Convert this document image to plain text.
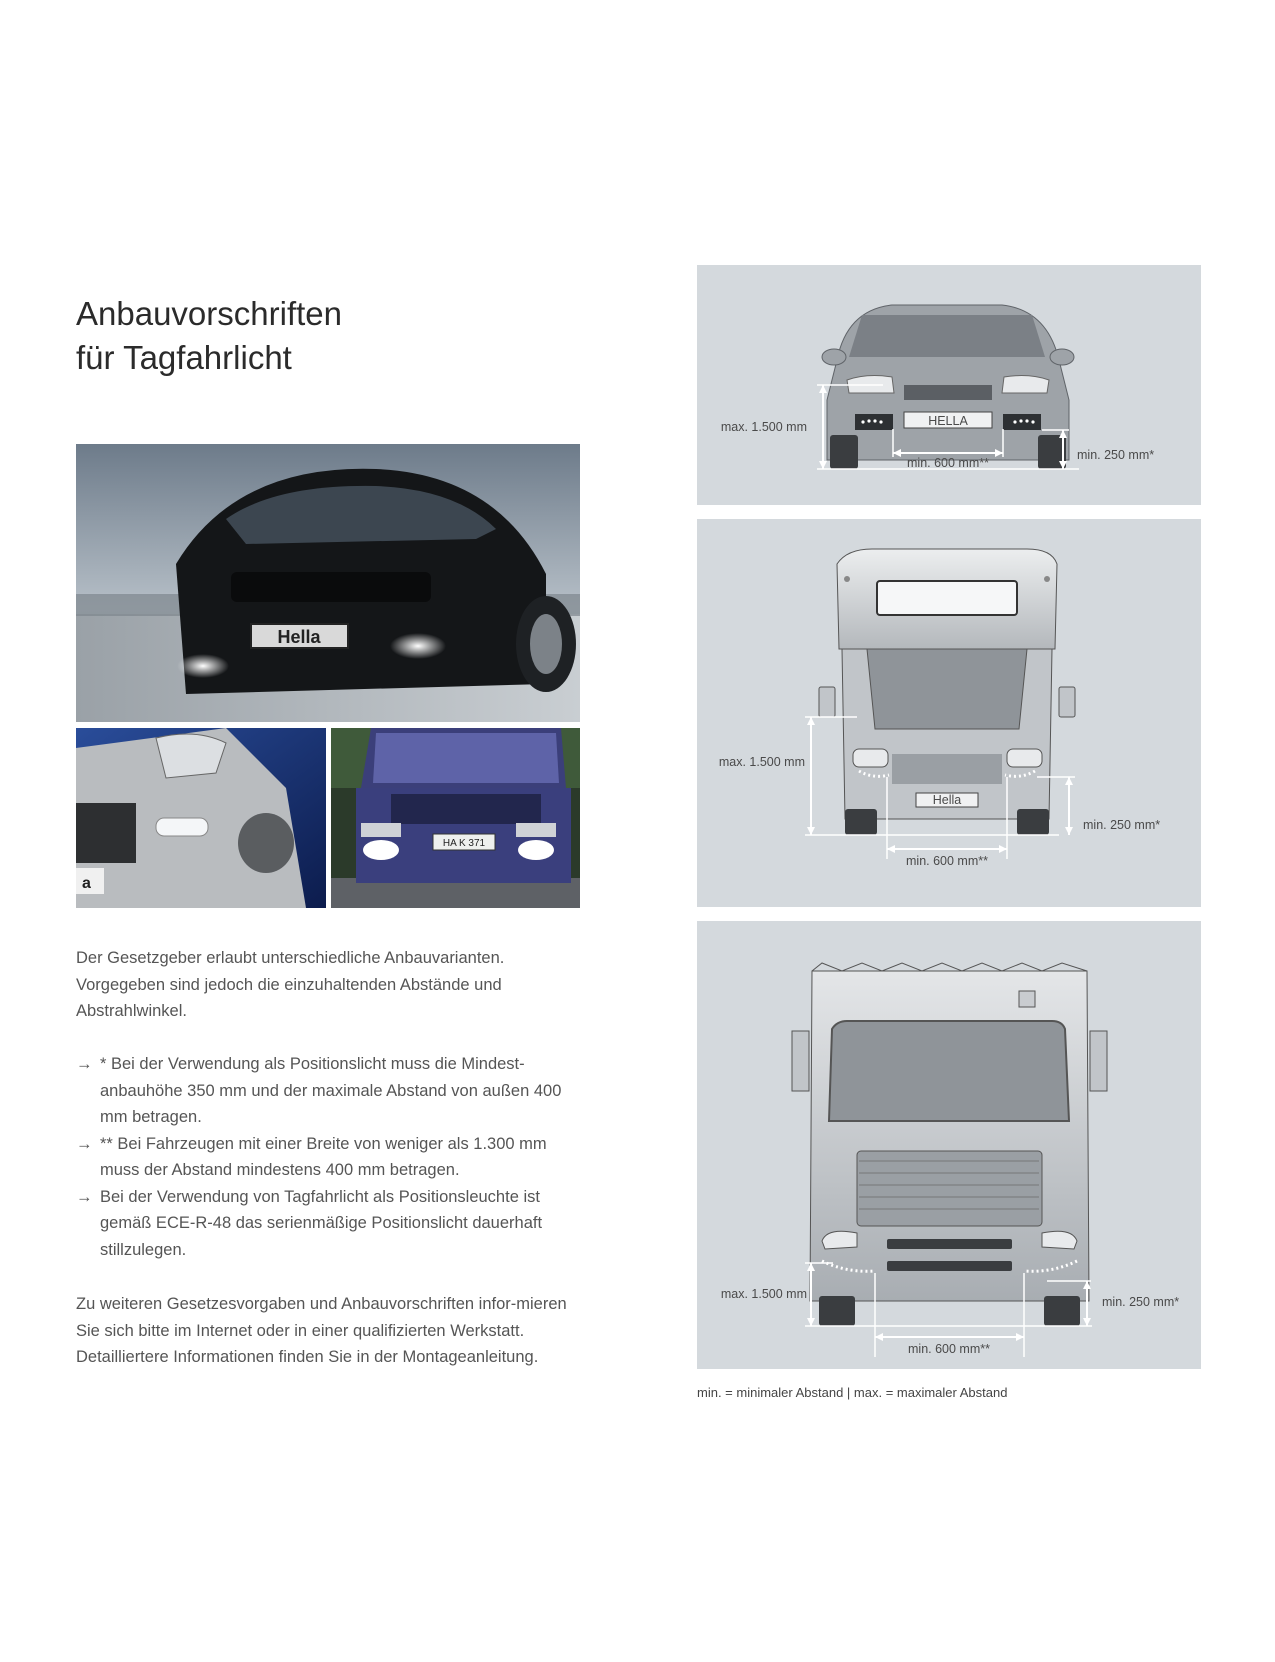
Anbauvorschriften
für Tagfahrlicht
Hella
a
HA K 371

Der Gesetzgeber erlaubt unterschiedliche Anbauvarianten. Vorgegeben sind jedoch die einzuhaltenden Abstände und Abstrahlwinkel.

→ * Bei der Verwendung als Positionslicht muss die Mindest-anbauhöhe 350 mm und der maximale Abstand von außen 400 mm betragen.
→ ** Bei Fahrzeugen mit einer Breite von weniger als 1.300 mm muss der Abstand mindestens 400 mm betragen.
→ Bei der Verwendung von Tagfahrlicht als Positionsleuchte ist gemäß ECE-R-48 das serienmäßige Positionslicht dauerhaft stillzulegen.

Zu weiteren Gesetzesvorgaben und Anbauvorschriften infor-mieren Sie sich bitte im Internet oder in einer qualifizierten Werkstatt. Detailliertere Informationen finden Sie in der Montageanleitung.

HELLA
max. 1.500 mm
min. 600 mm**
min. 250 mm*
Hella
max. 1.500 mm
min. 600 mm**
min. 250 mm*
max. 1.500 mm
min. 600 mm**
min. 250 mm*
min. = minimaler Abstand | max. = maximaler Abstand
